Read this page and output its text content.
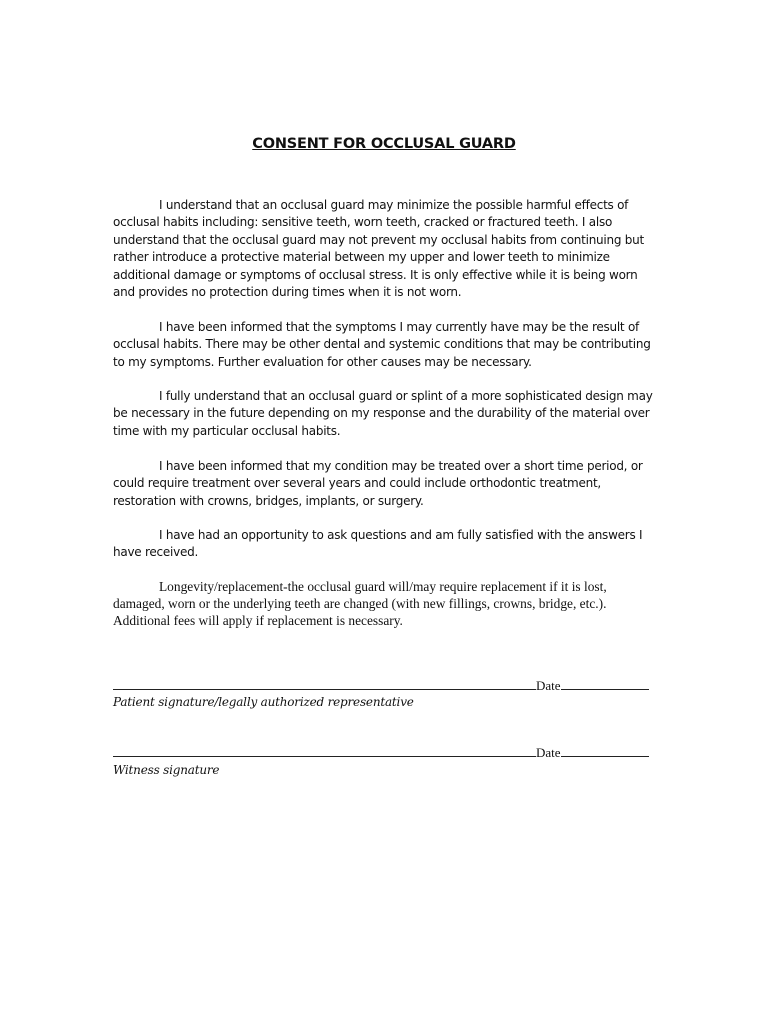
CONSENT FOR OCCLUSAL GUARD

I understand that an occlusal guard may minimize the possible harmful effects of occlusal habits including: sensitive teeth, worn teeth, cracked or fractured teeth. I also understand that the occlusal guard may not prevent my occlusal habits from continuing but rather introduce a protective material between my upper and lower teeth to minimize additional damage or symptoms of occlusal stress. It is only effective while it is being worn and provides no protection during times when it is not worn.

I have been informed that the symptoms I may currently have may be the result of occlusal habits. There may be other dental and systemic conditions that may be contributing to my symptoms. Further evaluation for other causes may be necessary.

I fully understand that an occlusal guard or splint of a more sophisticated design may be necessary in the future depending on my response and the durability of the material over time with my particular occlusal habits.

I have been informed that my condition may be treated over a short time period, or could require treatment over several years and could include orthodontic treatment, restoration with crowns, bridges, implants, or surgery.

I have had an opportunity to ask questions and am fully satisfied with the answers I have received.

Longevity/replacement-the occlusal guard will/may require replacement if it is lost, damaged, worn or the underlying teeth are changed (with new fillings, crowns, bridge, etc.). Additional fees will apply if replacement is necessary.

Date
Patient signature/legally authorized representative
Date
Witness signature
